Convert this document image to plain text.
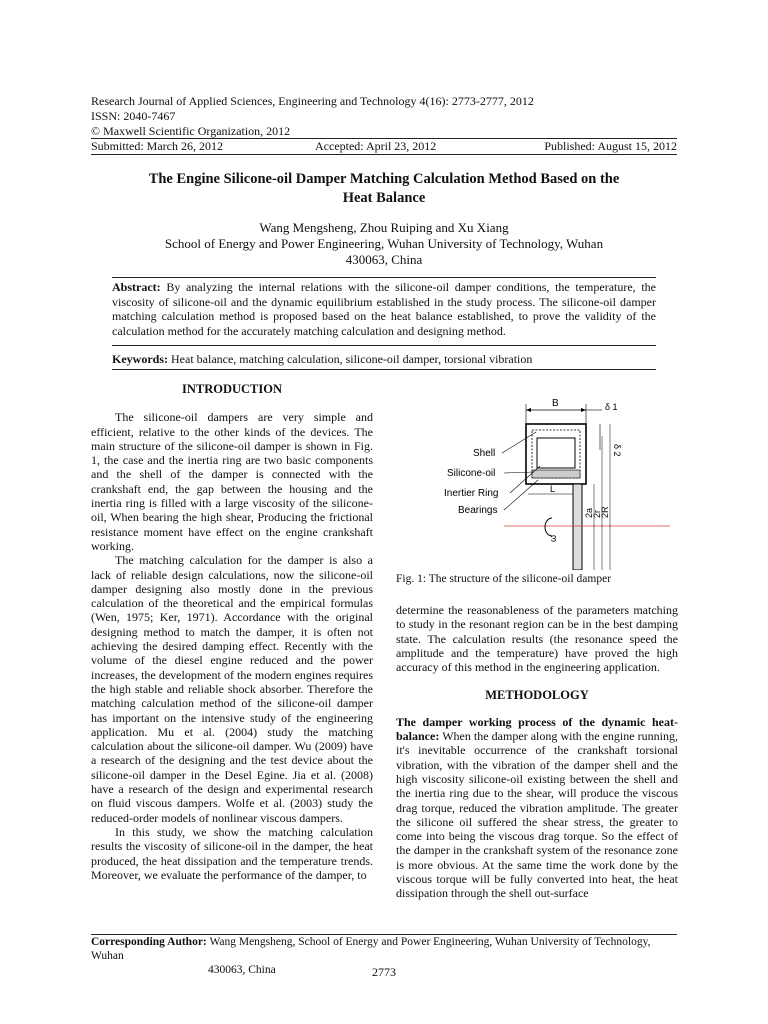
Research Journal of Applied Sciences, Engineering and Technology 4(16): 2773-2777, 2012
ISSN: 2040-7467
© Maxwell Scientific Organization, 2012
Submitted: March 26, 2012	Accepted: April 23, 2012	Published: August 15, 2012
The Engine Silicone-oil Damper Matching Calculation Method Based on the
Heat Balance
Wang Mengsheng, Zhou Ruiping and Xu Xiang
School of Energy and Power Engineering, Wuhan University of Technology, Wuhan
430063, China
Abstract: By analyzing the internal relations with the silicone-oil damper conditions, the temperature, the viscosity of silicone-oil and the dynamic equilibrium established in the study process. The silicone-oil damper matching calculation method is proposed based on the heat balance established, to prove the validity of the calculation method for the accurately matching calculation and designing method.
Keywords: Heat balance, matching calculation, silicone-oil damper, torsional vibration
INTRODUCTION

The silicone-oil dampers are very simple and efficient, relative to the other kinds of the devices. The main structure of the silicone-oil damper is shown in Fig. 1, the case and the inertia ring are two basic components and the shell of the damper is connected with the crankshaft end, the gap between the housing and the inertia ring is filled with a large viscosity of the silicone-oil, When bearing the high shear, Producing the frictional resistance moment have effect on the engine crankshaft working.

The matching calculation for the damper is also a lack of reliable design calculations, now the silicone-oil damper designing also mostly done in the previous calculation of the theoretical and the empirical formulas (Wen, 1975; Ker, 1971). Accordance with the original designing method to match the damper, it is often not achieving the desired damping effect. Recently with the volume of the diesel engine reduced and the power increases, the development of the modern engines requires the high stable and reliable shock absorber. Therefore the matching calculation method of the silicone-oil damper has important on the intensive study of the engineering application. Mu et al. (2004) study the matching calculation about the silicone-oil damper. Wu (2009) have a research of the designing and the test device about the silicone-oil damper in the Desel Egine. Jia et al. (2008) have a research of the design and experimental research on fluid viscous dampers. Wolfe et al. (2003) study the reduced-order models of nonlinear viscous dampers.

In this study, we show the matching calculation results the viscosity of silicone-oil in the damper, the heat produced, the heat dissipation and the temperature trends. Moreover, we evaluate the performance of the damper, to

B	δ 1
δ 2
Shell
Silicone-oil
Inertier Ring
Bearings
L
ω
2a
2r
2R
Fig. 1: The structure of the silicone-oil damper

determine the reasonableness of the parameters matching to study in the resonant region can be in the best damping state. The calculation results (the resonance speed the amplitude and the temperature) have proved the high accuracy of this method in the engineering application.

METHODOLOGY

The damper working process of the dynamic heat-balance: When the damper along with the engine running, it's inevitable occurrence of the crankshaft torsional vibration, with the vibration of the damper shell and the high viscosity silicone-oil existing between the shell and the inertia ring due to the shear, will produce the viscous drag torque, reduced the vibration amplitude. The greater the silicone oil suffered the shear stress, the greater to come into being the viscous drag torque. So the effect of the damper in the crankshaft system of the resonance zone is more obvious. At the same time the work done by the viscous torque will be fully converted into heat, the heat dissipation through the shell out-surface

Corresponding Author: Wang Mengsheng, School of Energy and Power Engineering, Wuhan University of Technology, Wuhan
430063, China	2773
